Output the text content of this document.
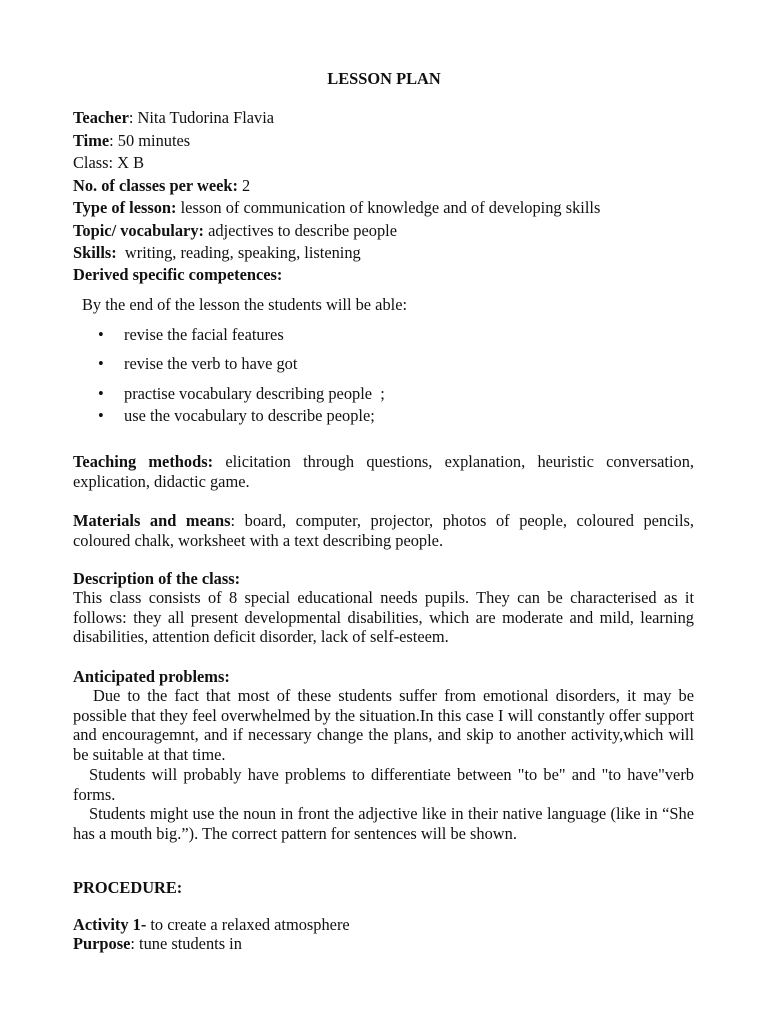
LESSON PLAN
Teacher: Nita Tudorina Flavia
Time: 50 minutes
Class: X B
No. of classes per week: 2
Type of lesson: lesson of communication of knowledge and of developing skills
Topic/ vocabulary: adjectives to describe people
Skills:  writing, reading, speaking, listening
Derived specific competences:
By the end of the lesson the students will be able:
• revise the facial features
• revise the verb to have got
• practise vocabulary describing people  ;
• use the vocabulary to describe people;
Teaching methods: elicitation through questions, explanation, heuristic conversation, explication, didactic game.
Materials and means: board, computer, projector, photos of people, coloured pencils, coloured chalk, worksheet with a text describing people.
Description of the class:
This class consists of 8 special educational needs pupils. They can be characterised as it follows: they all present developmental disabilities, which are moderate and mild, learning disabilities, attention deficit disorder, lack of self-esteem.
Anticipated problems:
Due to the fact that most of these students suffer from emotional disorders, it may be possible that they feel overwhelmed by the situation.In this case I will constantly offer support and encouragemnt, and if necessary change the plans, and skip to another activity,which will be suitable at that time.
Students will probably have problems to differentiate between "to be" and "to have"verb forms.
Students might use the noun in front the adjective like in their native language (like in “She has a mouth big.”). The correct pattern for sentences will be shown.
PROCEDURE:
Activity 1- to create a relaxed atmosphere
Purpose: tune students in
